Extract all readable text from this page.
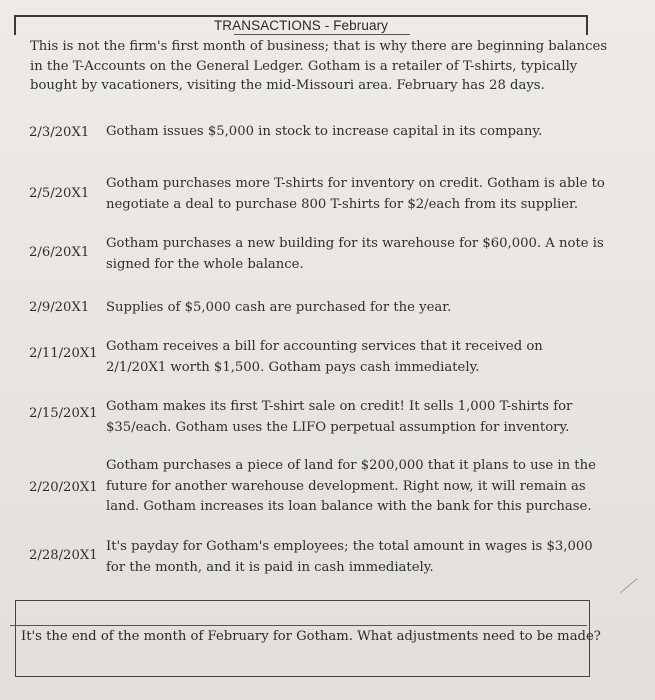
TRANSACTIONS - February
This is not the firm's first month of business; that is why there are beginning balances
in the T-Accounts on the General Ledger. Gotham is a retailer of T-shirts, typically
bought by vacationers, visiting the mid-Missouri area. February has 28 days.
2/3/20X1 Gotham issues $5,000 in stock to increase capital in its company.
2/5/20X1
Gotham purchases more T-shirts for inventory on credit. Gotham is able to
negotiate a deal to purchase 800 T-shirts for $2/each from its supplier.
2/6/20X1
Gotham purchases a new building for its warehouse for $60,000. A note is
signed for the whole balance.
2/9/20X1 Supplies of $5,000 cash are purchased for the year.
2/11/20X1 Gotham receives a bill for accounting services that it received on
2/1/20X1 worth $1,500. Gotham pays cash immediately.
2/15/20X1 Gotham makes its first T-shirt sale on credit! It sells 1,000 T-shirts for
$35/each. Gotham uses the LIFO perpetual assumption for inventory.
2/20/20X1
Gotham purchases a piece of land for $200,000 that it plans to use in the
future for another warehouse development. Right now, it will remain as
land. Gotham increases its loan balance with the bank for this purchase.
2/28/20X1
It's payday for Gotham's employees; the total amount in wages is $3,000
for the month, and it is paid in cash immediately.
It's the end of the month of February for Gotham. What adjustments need to be made?
